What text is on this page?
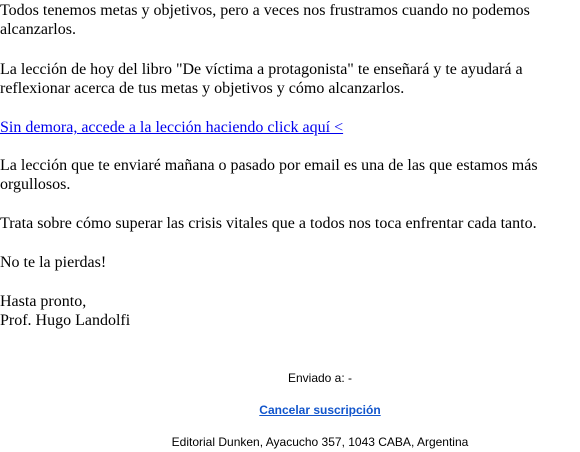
Todos tenemos metas y objetivos, pero a veces nos frustramos cuando no podemos alcanzarlos.

La lección de hoy del libro "De víctima a protagonista" te enseñará y te ayudará a reflexionar acerca de tus metas y objetivos y cómo alcanzarlos.

Sin demora, accede a la lección haciendo click aquí <

La lección que te enviaré mañana o pasado por email es una de las que estamos más orgullosos.

Trata sobre cómo superar las crisis vitales que a todos nos toca enfrentar cada tanto.

No te la pierdas!

Hasta pronto,

Prof. Hugo Landolfi

Enviado a: -
Cancelar suscripción
Editorial Dunken, Ayacucho 357, 1043 CABA, Argentina
